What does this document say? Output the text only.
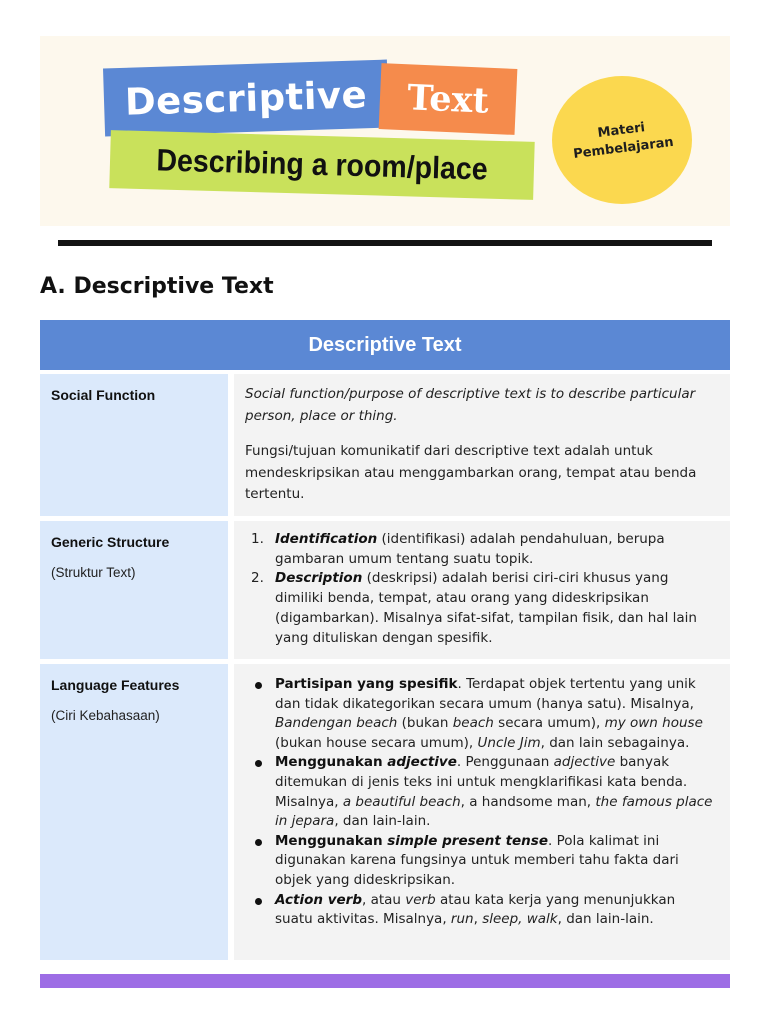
Descriptive Text
Describing a room/place
Materi
Pembelajaran
A. Descriptive Text
Descriptive Text
Social Function	Social function/purpose of descriptive text is to describe particular person, place or thing.

Fungsi/tujuan komunikatif dari descriptive text adalah untuk mendeskripsikan atau menggambarkan orang, tempat atau benda tertentu.

Generic Structure
(Struktur Text)
1. Identification (identifikasi) adalah pendahuluan, berupa gambaran umum tentang suatu topik.
2. Description (deskripsi) adalah berisi ciri-ciri khusus yang dimiliki benda, tempat, atau orang yang dideskripsikan (digambarkan). Misalnya sifat-sifat, tampilan fisik, dan hal lain yang dituliskan dengan spesifik.
Language Features
(Ciri Kebahasaan)
Partisipan yang spesifik. Terdapat objek tertentu yang unik dan tidak dikategorikan secara umum (hanya satu). Misalnya, Bandengan beach (bukan beach secara umum), my own house (bukan house secara umum), Uncle Jim, dan lain sebagainya.
Menggunakan adjective. Penggunaan adjective banyak ditemukan di jenis teks ini untuk mengklarifikasi kata benda. Misalnya, a beautiful beach, a handsome man, the famous place in jepara, dan lain-lain.
Menggunakan simple present tense. Pola kalimat ini digunakan karena fungsinya untuk memberi tahu fakta dari objek yang dideskripsikan.
Action verb, atau verb atau kata kerja yang menunjukkan suatu aktivitas. Misalnya, run, sleep, walk, dan lain-lain.
